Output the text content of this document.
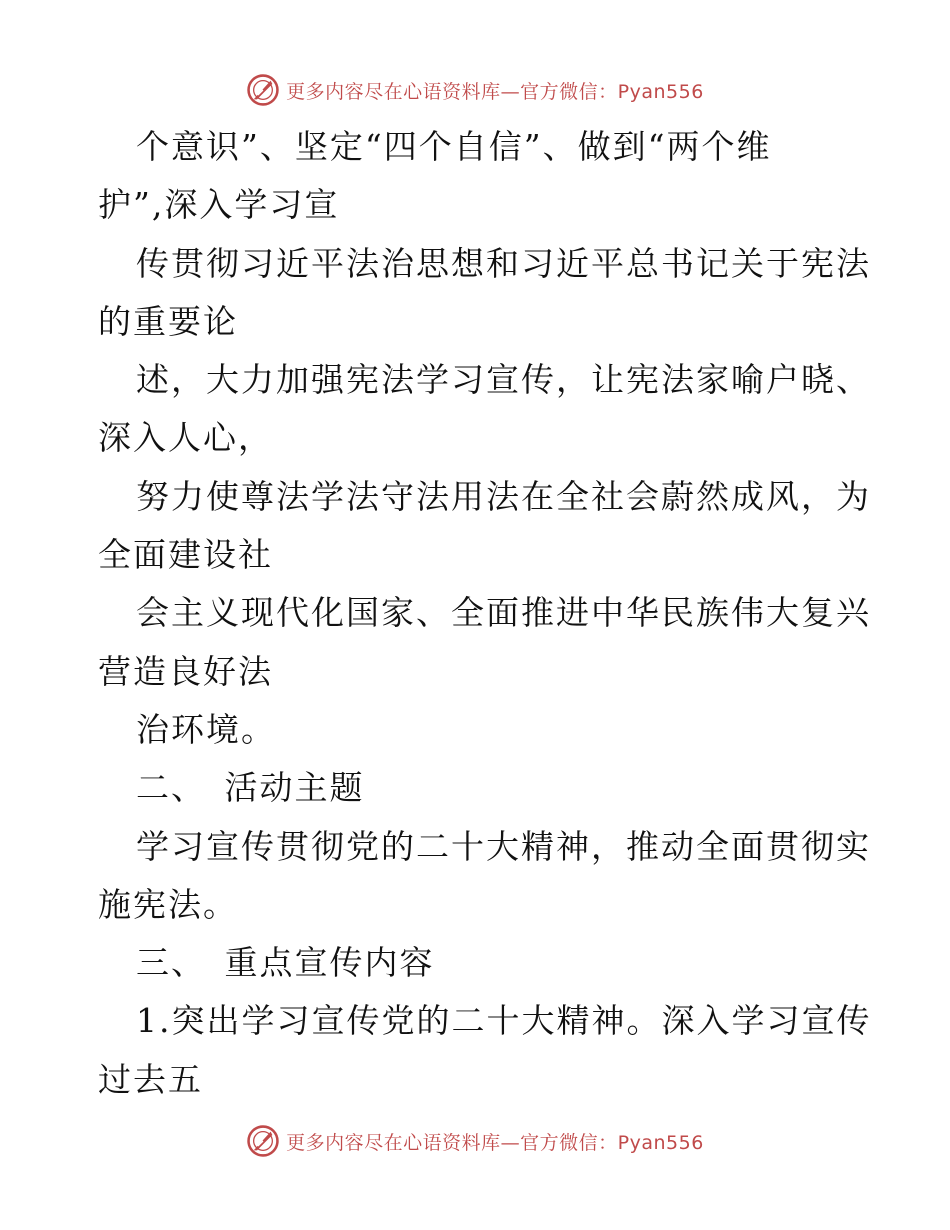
更多内容尽在心语资料库—官方微信：Pyan556
个意识”、坚定“四个自信”、做到“两个维
护”,深入学习宣
传贯彻习近平法治思想和习近平总书记关于宪法
的重要论
述，大力加强宪法学习宣传，让宪法家喻户晓、
深入人心，
努力使尊法学法守法用法在全社会蔚然成风，为
全面建设社
会主义现代化国家、全面推进中华民族伟大复兴
营造良好法
治环境。
二、　活动主题
学习宣传贯彻党的二十大精神，推动全面贯彻实
施宪法。
三、　重点宣传内容
1.突出学习宣传党的二十大精神。深入学习宣传
过去五
更多内容尽在心语资料库—官方微信：Pyan556
